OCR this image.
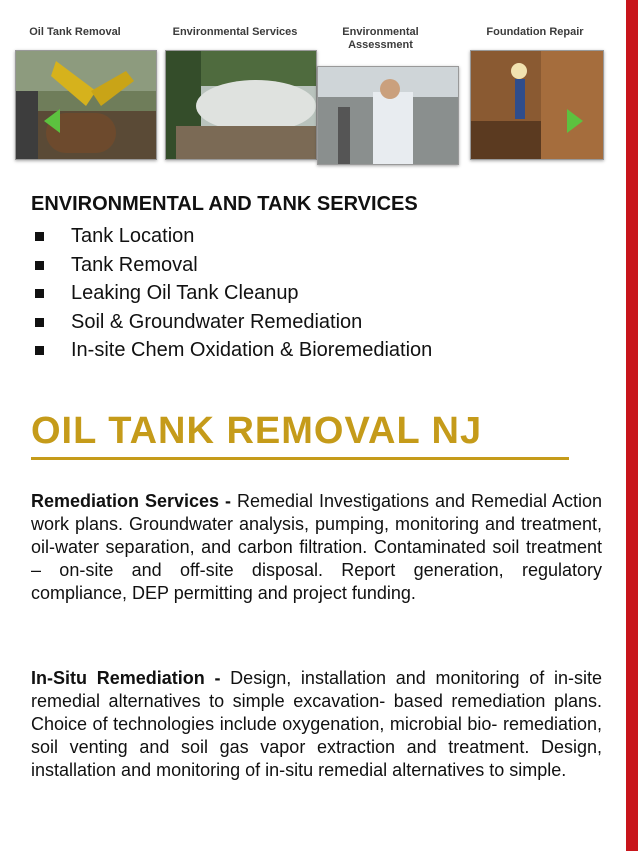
Oil Tank Removal	Environmental Services	Environmental Assessment
Foundation Repair
ENVIRONMENTAL AND TANK SERVICES
Tank Location
Tank Removal
Leaking Oil Tank Cleanup
Soil & Groundwater Remediation
In-site Chem Oxidation & Bioremediation
OIL TANK REMOVAL NJ

Remediation Services - Remedial Investigations and Remedial Action work plans. Groundwater analysis, pumping, monitoring and treatment, oil-water separation, and carbon filtration. Contaminated soil treatment – on-site and off-site disposal. Report generation, regulatory compliance, DEP permitting and project funding.

In-Situ Remediation - Design, installation and monitoring of in-site remedial alternatives to simple excavation- based remediation plans. Choice of technologies include oxygenation, microbial bio- remediation, soil venting and soil gas vapor extraction and treatment. Design, installation and monitoring of in-situ remedial alternatives to simple.
